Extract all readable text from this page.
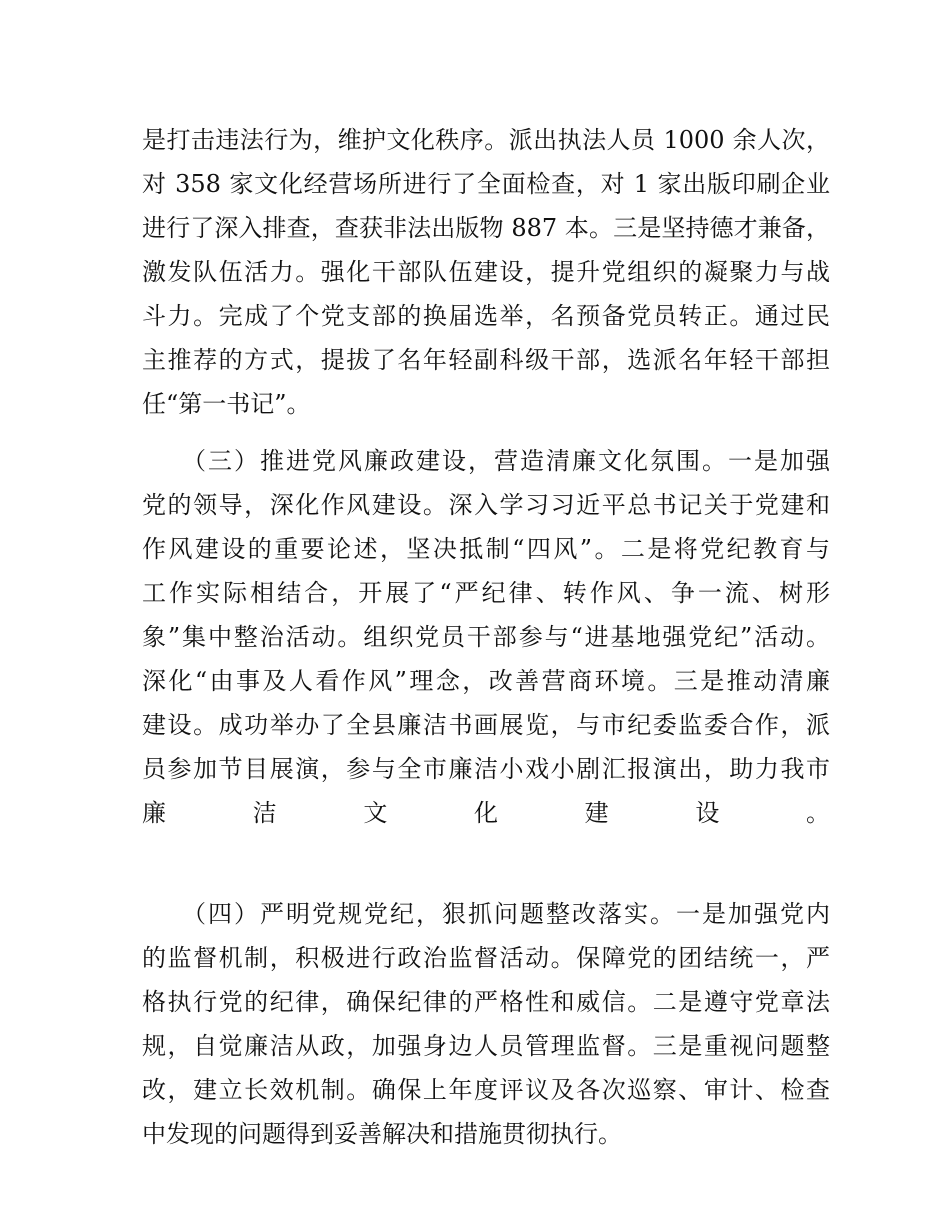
是打击违法行为，维护文化秩序。派出执法人员 1000 余人次，
对 358 家文化经营场所进行了全面检查，对 1 家出版印刷企业
进行了深入排查，查获非法出版物 887 本。三是坚持德才兼备，
激发队伍活力。强化干部队伍建设，提升党组织的凝聚力与战
斗力。完成了个党支部的换届选举，名预备党员转正。通过民
主推荐的方式，提拔了名年轻副科级干部，选派名年轻干部担
任“第一书记”。
　　（三）推进党风廉政建设，营造清廉文化氛围。一是加强
党的领导，深化作风建设。深入学习习近平总书记关于党建和
作风建设的重要论述，坚决抵制“四风”。二是将党纪教育与
工作实际相结合，开展了“严纪律、转作风、争一流、树形
象”集中整治活动。组织党员干部参与“进基地强党纪”活动。
深化“由事及人看作风”理念，改善营商环境。三是推动清廉
建设。成功举办了全县廉洁书画展览，与市纪委监委合作，派
员参加节目展演，参与全市廉洁小戏小剧汇报演出，助力我市
廉洁文化建设。
　　（四）严明党规党纪，狠抓问题整改落实。一是加强党内
的监督机制，积极进行政治监督活动。保障党的团结统一，严
格执行党的纪律，确保纪律的严格性和威信。二是遵守党章法
规，自觉廉洁从政，加强身边人员管理监督。三是重视问题整
改，建立长效机制。确保上年度评议及各次巡察、审计、检查
中发现的问题得到妥善解决和措施贯彻执行。
